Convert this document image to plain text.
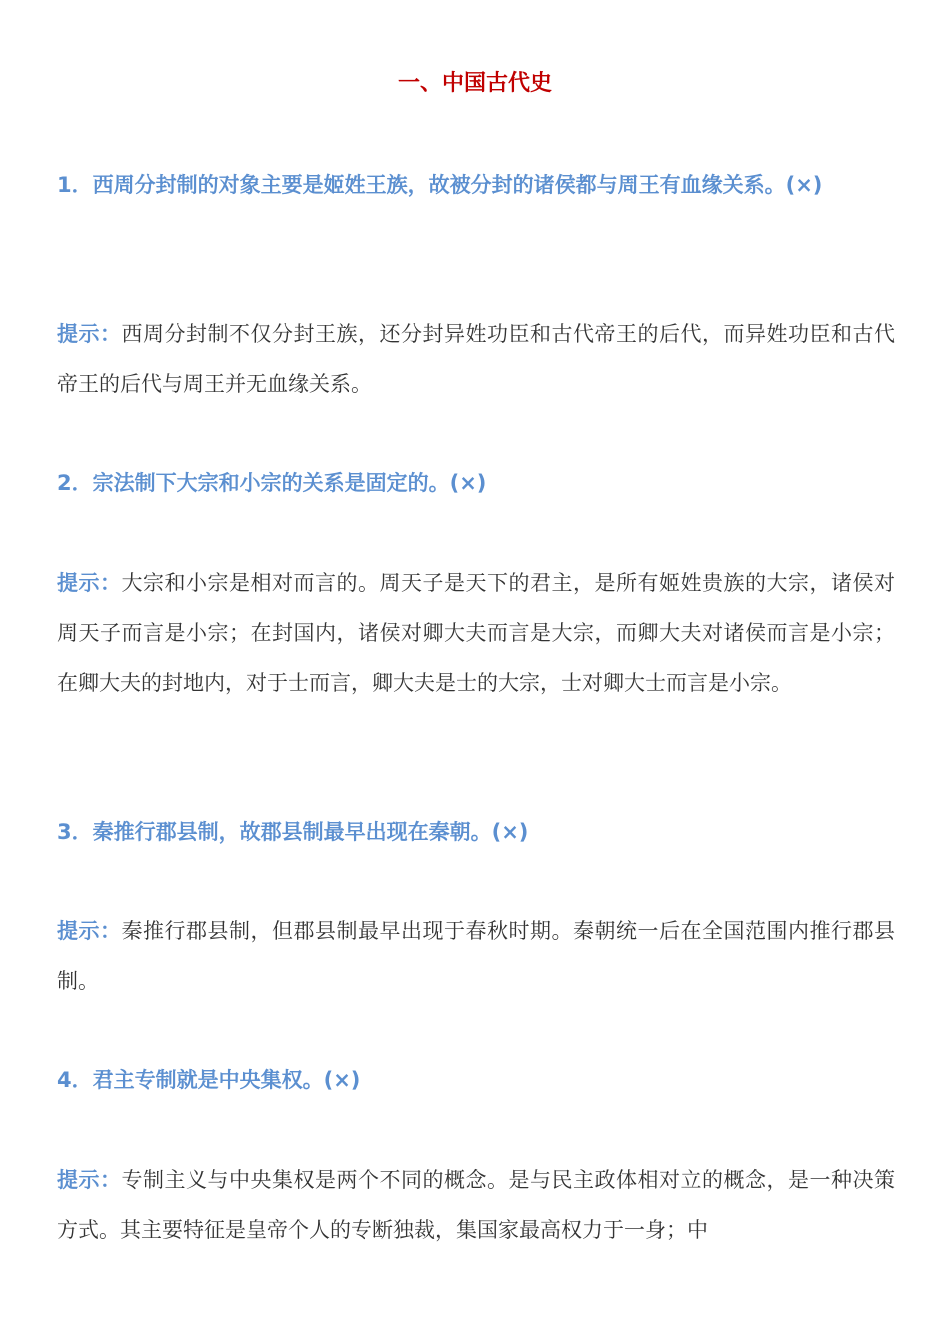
一、中国古代史

1．西周分封制的对象主要是姬姓王族，故被分封的诸侯都与周王有血缘关系。(×)

提示：西周分封制不仅分封王族，还分封异姓功臣和古代帝王的后代，而异姓功臣和古代帝王的后代与周王并无血缘关系。

2．宗法制下大宗和小宗的关系是固定的。(×)

提示：大宗和小宗是相对而言的。周天子是天下的君主，是所有姬姓贵族的大宗，诸侯对周天子而言是小宗；在封国内，诸侯对卿大夫而言是大宗，而卿大夫对诸侯而言是小宗；在卿大夫的封地内，对于士而言，卿大夫是士的大宗，士对卿大士而言是小宗。

3．秦推行郡县制，故郡县制最早出现在秦朝。(×)

提示：秦推行郡县制，但郡县制最早出现于春秋时期。秦朝统一后在全国范围内推行郡县制。

4．君主专制就是中央集权。(×)

提示：专制主义与中央集权是两个不同的概念。是与民主政体相对立的概念，是一种决策方式。其主要特征是皇帝个人的专断独裁，集国家最高权力于一身；中
